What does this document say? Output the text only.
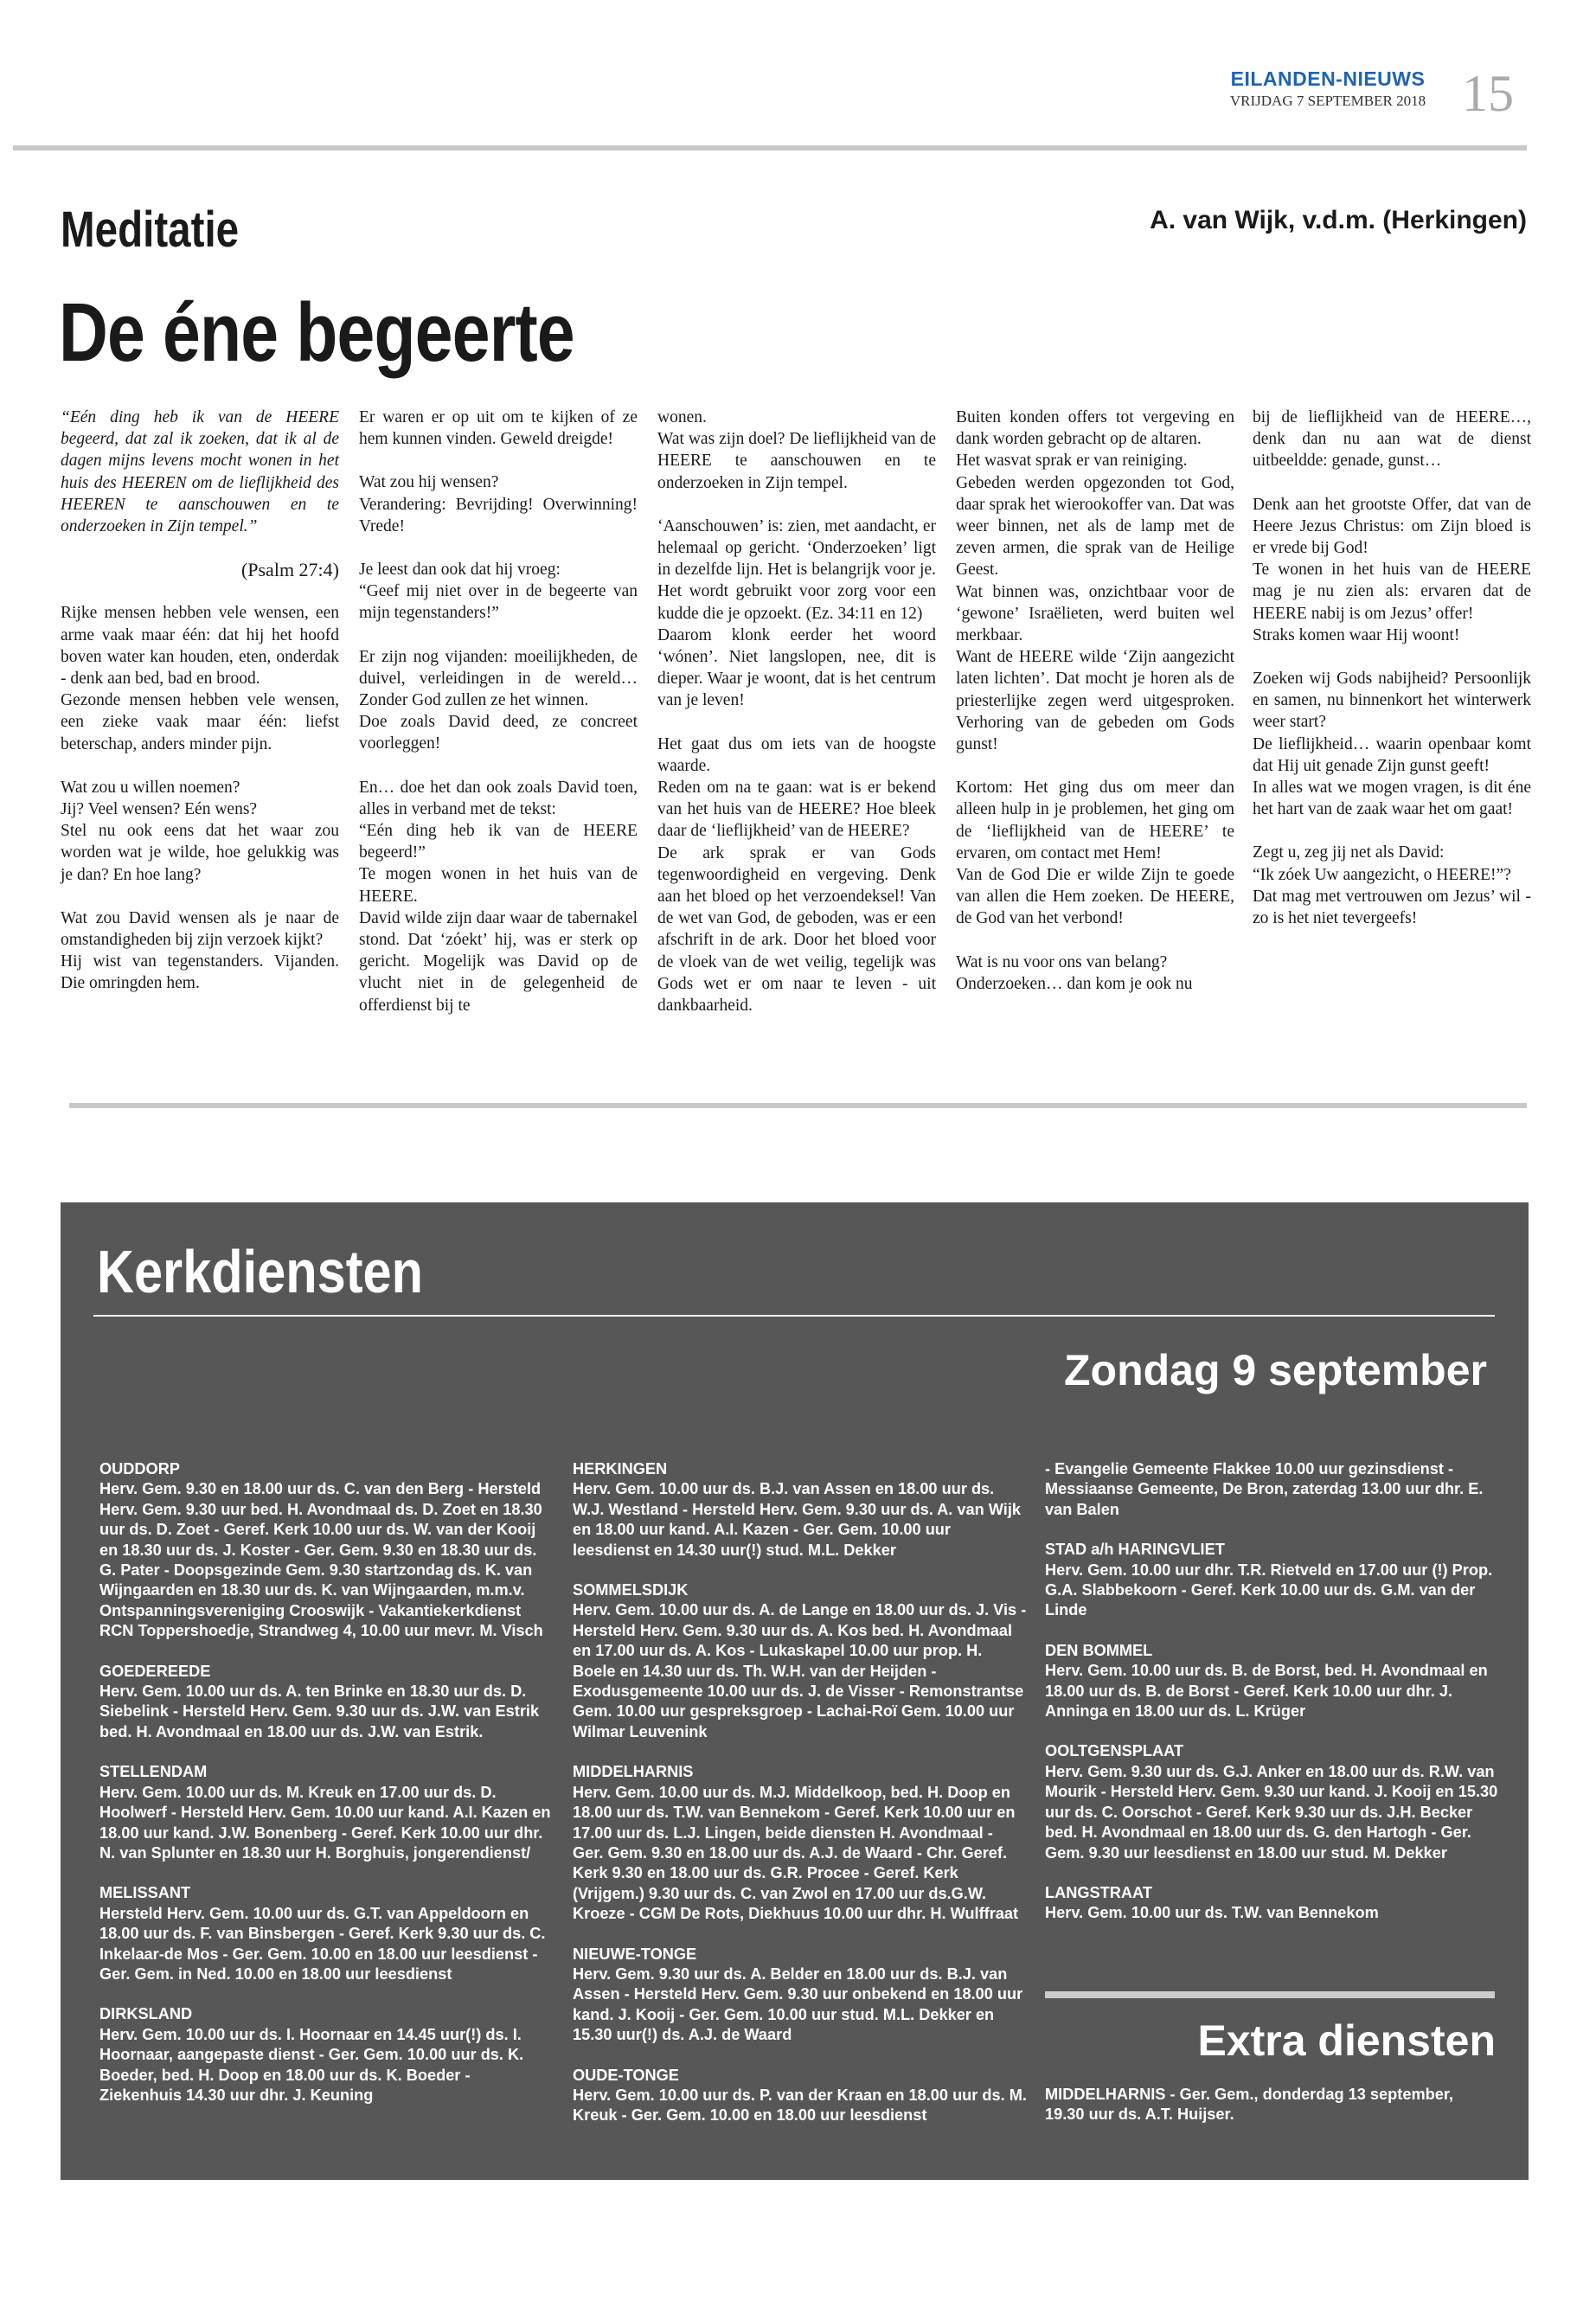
EILANDEN-NIEUWS
VRIJDAG 7 SEPTEMBER 2018 15
Meditatie	A. van Wijk, v.d.m. (Herkingen)
De éne begeerte

“Eén ding heb ik van de HEERE begeerd, dat zal ik zoeken, dat ik al de dagen mijns levens mocht wonen in het huis des HEEREN om de lieflijkheid des HEEREN te aanschouwen en te onderzoeken in Zijn tempel.”

(Psalm 27:4)

Rijke mensen hebben vele wensen, een arme vaak maar één: dat hij het hoofd boven water kan houden, eten, onderdak - denk aan bed, bad en brood.
Gezonde mensen hebben vele wensen, een zieke vaak maar één: liefst beterschap, anders minder pijn.

Wat zou u willen noemen?
Jij? Veel wensen? Eén wens?
Stel nu ook eens dat het waar zou worden wat je wilde, hoe gelukkig was je dan? En hoe lang?

Wat zou David wensen als je naar de omstandigheden bij zijn verzoek kijkt?
Hij wist van tegenstanders. Vijanden. Die omringden hem.

Er waren er op uit om te kijken of ze hem kunnen vinden. Geweld dreigde!

Wat zou hij wensen?
Verandering: Bevrijding! Overwinning! Vrede!

Je leest dan ook dat hij vroeg:
“Geef mij niet over in de begeerte van mijn tegenstanders!”

Er zijn nog vijanden: moeilijkheden, de duivel, verleidingen in de wereld… Zonder God zullen ze het winnen.
Doe zoals David deed, ze concreet voorleggen!

En… doe het dan ook zoals David toen, alles in verband met de tekst:
“Eén ding heb ik van de HEERE begeerd!”
Te mogen wonen in het huis van de HEERE.
David wilde zijn daar waar de tabernakel stond. Dat ‘zóekt’ hij, was er sterk op gericht. Mogelijk was David op de vlucht niet in de gelegenheid de offerdienst bij te

wonen.
Wat was zijn doel? De lieflijkheid van de HEERE te aanschouwen en te onderzoeken in Zijn tempel.

‘Aanschouwen’ is: zien, met aandacht, er helemaal op gericht. ‘Onderzoeken’ ligt in dezelfde lijn. Het is belangrijk voor je. Het wordt gebruikt voor zorg voor een kudde die je opzoekt. (Ez. 34:11 en 12)
Daarom klonk eerder het woord ‘wónen’. Niet langslopen, nee, dit is dieper. Waar je woont, dat is het centrum van je leven!

Het gaat dus om iets van de hoogste waarde.
Reden om na te gaan: wat is er bekend van het huis van de HEERE? Hoe bleek daar de ‘lieflijkheid’ van de HEERE?
De ark sprak er van Gods tegenwoordigheid en vergeving. Denk aan het bloed op het verzoendeksel! Van de wet van God, de geboden, was er een afschrift in de ark. Door het bloed voor de vloek van de wet veilig, tegelijk was Gods wet er om naar te leven - uit dankbaarheid.

Buiten konden offers tot vergeving en dank worden gebracht op de altaren.
Het wasvat sprak er van reiniging.
Gebeden werden opgezonden tot God, daar sprak het wierookoffer van. Dat was weer binnen, net als de lamp met de zeven armen, die sprak van de Heilige Geest.
Wat binnen was, onzichtbaar voor de ‘gewone’ Israëlieten, werd buiten wel merkbaar.
Want de HEERE wilde ‘Zijn aangezicht laten lichten’. Dat mocht je horen als de priesterlijke zegen werd uitgesproken. Verhoring van de gebeden om Gods gunst!

Kortom: Het ging dus om meer dan alleen hulp in je problemen, het ging om de ‘lieflijkheid van de HEERE’ te ervaren, om contact met Hem!
Van de God Die er wilde Zijn te goede van allen die Hem zoeken. De HEERE, de God van het verbond!

Wat is nu voor ons van belang?
Onderzoeken… dan kom je ook nu

bij de lieflijkheid van de HEERE…, denk dan nu aan wat de dienst uitbeeldde: genade, gunst…

Denk aan het grootste Offer, dat van de Heere Jezus Christus: om Zijn bloed is er vrede bij God!
Te wonen in het huis van de HEERE mag je nu zien als: ervaren dat de HEERE nabij is om Jezus’ offer!
Straks komen waar Hij woont!

Zoeken wij Gods nabijheid? Persoonlijk en samen, nu binnenkort het winterwerk weer start?
De lieflijkheid… waarin openbaar komt dat Hij uit genade Zijn gunst geeft!
In alles wat we mogen vragen, is dit éne het hart van de zaak waar het om gaat!

Zegt u, zeg jij net als David:
“Ik zóek Uw aangezicht, o HEERE!”?
Dat mag met vertrouwen om Jezus’ wil - zo is het niet tevergeefs!

Kerkdiensten
Zondag 9 september
OUDDORP

Herv. Gem. 9.30 en 18.00 uur ds. C. van den Berg - Hersteld Herv. Gem. 9.30 uur bed. H. Avondmaal ds. D. Zoet en 18.30 uur ds. D. Zoet - Geref. Kerk 10.00 uur ds. W. van der Kooij en 18.30 uur ds. J. Koster - Ger. Gem. 9.30 en 18.30 uur ds. G. Pater - Doopsgezinde Gem. 9.30 startzondag ds. K. van Wijngaarden en 18.30 uur ds. K. van Wijngaarden, m.m.v. Ontspanningsvereniging Crooswijk - Vakantiekerkdienst RCN Toppershoedje, Strandweg 4, 10.00 uur mevr. M. Visch

GOEDEREEDE

Herv. Gem. 10.00 uur ds. A. ten Brinke en 18.30 uur ds. D. Siebelink - Hersteld Herv. Gem. 9.30 uur ds. J.W. van Estrik bed. H. Avondmaal en 18.00 uur ds. J.W. van Estrik.

STELLENDAM

Herv. Gem. 10.00 uur ds. M. Kreuk en 17.00 uur ds. D. Hoolwerf - Hersteld Herv. Gem. 10.00 uur kand. A.I. Kazen en 18.00 uur kand. J.W. Bonenberg - Geref. Kerk 10.00 uur dhr. N. van Splunter en 18.30 uur H. Borghuis, jongerendienst/

MELISSANT

Hersteld Herv. Gem. 10.00 uur ds. G.T. van Appeldoorn en 18.00 uur ds. F. van Binsbergen - Geref. Kerk 9.30 uur ds. C. Inkelaar-de Mos - Ger. Gem. 10.00 en 18.00 uur leesdienst - Ger. Gem. in Ned. 10.00 en 18.00 uur leesdienst

DIRKSLAND

Herv. Gem. 10.00 uur ds. I. Hoornaar en 14.45 uur(!) ds. I. Hoornaar, aangepaste dienst - Ger. Gem. 10.00 uur ds. K. Boeder, bed. H. Doop en 18.00 uur ds. K. Boeder - Ziekenhuis 14.30 uur dhr. J. Keuning

HERKINGEN

Herv. Gem. 10.00 uur ds. B.J. van Assen en 18.00 uur ds. W.J. Westland - Hersteld Herv. Gem. 9.30 uur ds. A. van Wijk en 18.00 uur kand. A.I. Kazen - Ger. Gem. 10.00 uur leesdienst en 14.30 uur(!) stud. M.L. Dekker

SOMMELSDIJK

Herv. Gem. 10.00 uur ds. A. de Lange en 18.00 uur ds. J. Vis - Hersteld Herv. Gem. 9.30 uur ds. A. Kos bed. H. Avondmaal en 17.00 uur ds. A. Kos - Lukaskapel 10.00 uur prop. H. Boele en 14.30 uur ds. Th. W.H. van der Heijden - Exodusgemeente 10.00 uur ds. J. de Visser - Remonstrantse Gem. 10.00 uur gespreksgroep - Lachai-Roï Gem. 10.00 uur Wilmar Leuvenink

MIDDELHARNIS

Herv. Gem. 10.00 uur ds. M.J. Middelkoop, bed. H. Doop en 18.00 uur ds. T.W. van Bennekom - Geref. Kerk 10.00 uur en 17.00 uur ds. L.J. Lingen, beide diensten H. Avondmaal - Ger. Gem. 9.30 en 18.00 uur ds. A.J. de Waard - Chr. Geref. Kerk 9.30 en 18.00 uur ds. G.R. Procee - Geref. Kerk (Vrijgem.) 9.30 uur ds. C. van Zwol en 17.00 uur ds.G.W. Kroeze - CGM De Rots, Diekhuus 10.00 uur dhr. H. Wulffraat

NIEUWE-TONGE

Herv. Gem. 9.30 uur ds. A. Belder en 18.00 uur ds. B.J. van Assen - Hersteld Herv. Gem. 9.30 uur onbekend en 18.00 uur kand. J. Kooij - Ger. Gem. 10.00 uur stud. M.L. Dekker en 15.30 uur(!) ds. A.J. de Waard

OUDE-TONGE

Herv. Gem. 10.00 uur ds. P. van der Kraan en 18.00 uur ds. M. Kreuk - Ger. Gem. 10.00 en 18.00 uur leesdienst

- Evangelie Gemeente Flakkee 10.00 uur gezinsdienst - Messiaanse Gemeente, De Bron, zaterdag 13.00 uur dhr. E. van Balen

STAD a/h HARINGVLIET

Herv. Gem. 10.00 uur dhr. T.R. Rietveld en 17.00 uur (!) Prop. G.A. Slabbekoorn - Geref. Kerk 10.00 uur ds. G.M. van der Linde

DEN BOMMEL

Herv. Gem. 10.00 uur ds. B. de Borst, bed. H. Avondmaal en 18.00 uur ds. B. de Borst - Geref. Kerk 10.00 uur dhr. J. Anninga en 18.00 uur ds. L. Krüger

OOLTGENSPLAAT

Herv. Gem. 9.30 uur ds. G.J. Anker en 18.00 uur ds. R.W. van Mourik - Hersteld Herv. Gem. 9.30 uur kand. J. Kooij en 15.30 uur ds. C. Oorschot - Geref. Kerk 9.30 uur ds. J.H. Becker bed. H. Avondmaal en 18.00 uur ds. G. den Hartogh - Ger. Gem. 9.30 uur leesdienst en 18.00 uur stud. M. Dekker

LANGSTRAAT

Herv. Gem. 10.00 uur ds. T.W. van Bennekom

Extra diensten
MIDDELHARNIS - Ger. Gem., donderdag 13 september, 19.30 uur ds. A.T. Huijser.
